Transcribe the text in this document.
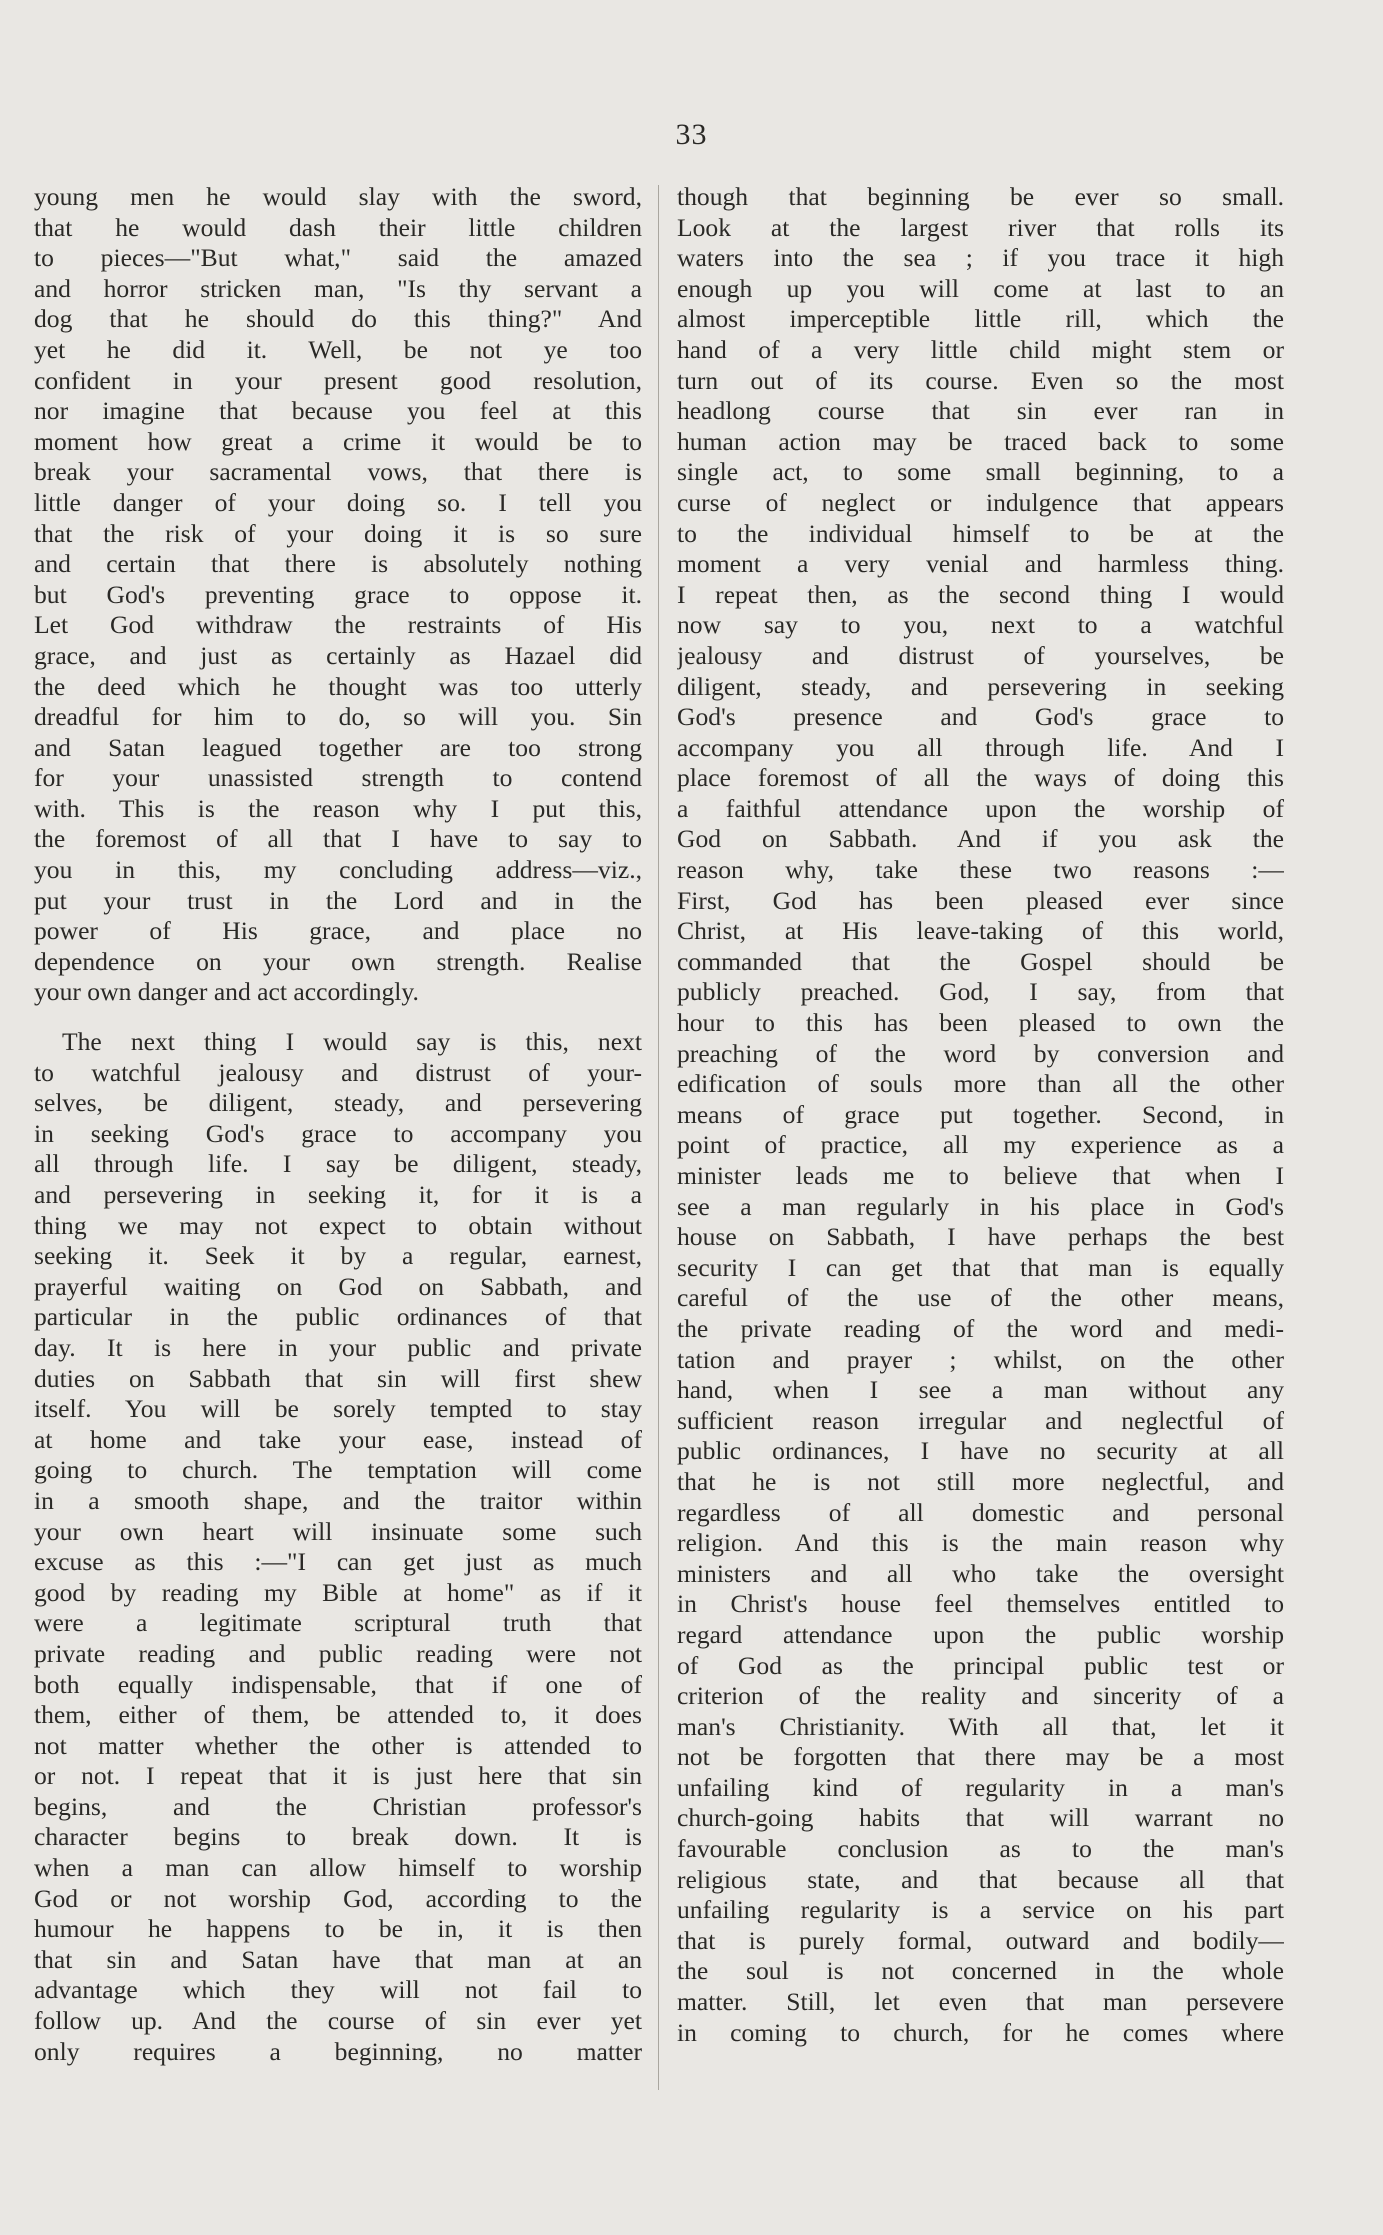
33
young men he would slay with the sword,
that he would dash their little children
to pieces—"But what," said the amazed
and horror stricken man, "Is thy servant a
dog that he should do this thing?" And
yet he did it. Well, be not ye too
confident in your present good resolution,
nor imagine that because you feel at this
moment how great a crime it would be to
break your sacramental vows, that there is
little danger of your doing so. I tell you
that the risk of your doing it is so sure
and certain that there is absolutely nothing
but God's preventing grace to oppose it.
Let God withdraw the restraints of His
grace, and just as certainly as Hazael did
the deed which he thought was too utterly
dreadful for him to do, so will you. Sin
and Satan leagued together are too strong
for your unassisted strength to contend
with. This is the reason why I put this,
the foremost of all that I have to say to
you in this, my concluding address—viz.,
put your trust in the Lord and in the
power of His grace, and place no
dependence on your own strength. Realise
your own danger and act accordingly.
The next thing I would say is this, next
to watchful jealousy and distrust of your-
selves, be diligent, steady, and persevering
in seeking God's grace to accompany you
all through life. I say be diligent, steady,
and persevering in seeking it, for it is a
thing we may not expect to obtain without
seeking it. Seek it by a regular, earnest,
prayerful waiting on God on Sabbath, and
particular in the public ordinances of that
day. It is here in your public and private
duties on Sabbath that sin will first shew
itself. You will be sorely tempted to stay
at home and take your ease, instead of
going to church. The temptation will come
in a smooth shape, and the traitor within
your own heart will insinuate some such
excuse as this :—"I can get just as much
good by reading my Bible at home" as if it
were a legitimate scriptural truth that
private reading and public reading were not
both equally indispensable, that if one of
them, either of them, be attended to, it does
not matter whether the other is attended to
or not. I repeat that it is just here that sin
begins, and the Christian professor's
character begins to break down. It is
when a man can allow himself to worship
God or not worship God, according to the
humour he happens to be in, it is then
that sin and Satan have that man at an
advantage which they will not fail to
follow up. And the course of sin ever yet
only requires a beginning, no matter
though that beginning be ever so small.
Look at the largest river that rolls its
waters into the sea ; if you trace it high
enough up you will come at last to an
almost imperceptible little rill, which the
hand of a very little child might stem or
turn out of its course. Even so the most
headlong course that sin ever ran in
human action may be traced back to some
single act, to some small beginning, to a
curse of neglect or indulgence that appears
to the individual himself to be at the
moment a very venial and harmless thing.
I repeat then, as the second thing I would
now say to you, next to a watchful
jealousy and distrust of yourselves, be
diligent, steady, and persevering in seeking
God's presence and God's grace to
accompany you all through life. And I
place foremost of all the ways of doing this
a faithful attendance upon the worship of
God on Sabbath. And if you ask the
reason why, take these two reasons :—
First, God has been pleased ever since
Christ, at His leave-taking of this world,
commanded that the Gospel should be
publicly preached. God, I say, from that
hour to this has been pleased to own the
preaching of the word by conversion and
edification of souls more than all the other
means of grace put together. Second, in
point of practice, all my experience as a
minister leads me to believe that when I
see a man regularly in his place in God's
house on Sabbath, I have perhaps the best
security I can get that that man is equally
careful of the use of the other means,
the private reading of the word and medi-
tation and prayer ; whilst, on the other
hand, when I see a man without any
sufficient reason irregular and neglectful of
public ordinances, I have no security at all
that he is not still more neglectful, and
regardless of all domestic and personal
religion. And this is the main reason why
ministers and all who take the oversight
in Christ's house feel themselves entitled to
regard attendance upon the public worship
of God as the principal public test or
criterion of the reality and sincerity of a
man's Christianity. With all that, let it
not be forgotten that there may be a most
unfailing kind of regularity in a man's
church-going habits that will warrant no
favourable conclusion as to the man's
religious state, and that because all that
unfailing regularity is a service on his part
that is purely formal, outward and bodily—
the soul is not concerned in the whole
matter. Still, let even that man persevere
in coming to church, for he comes where
